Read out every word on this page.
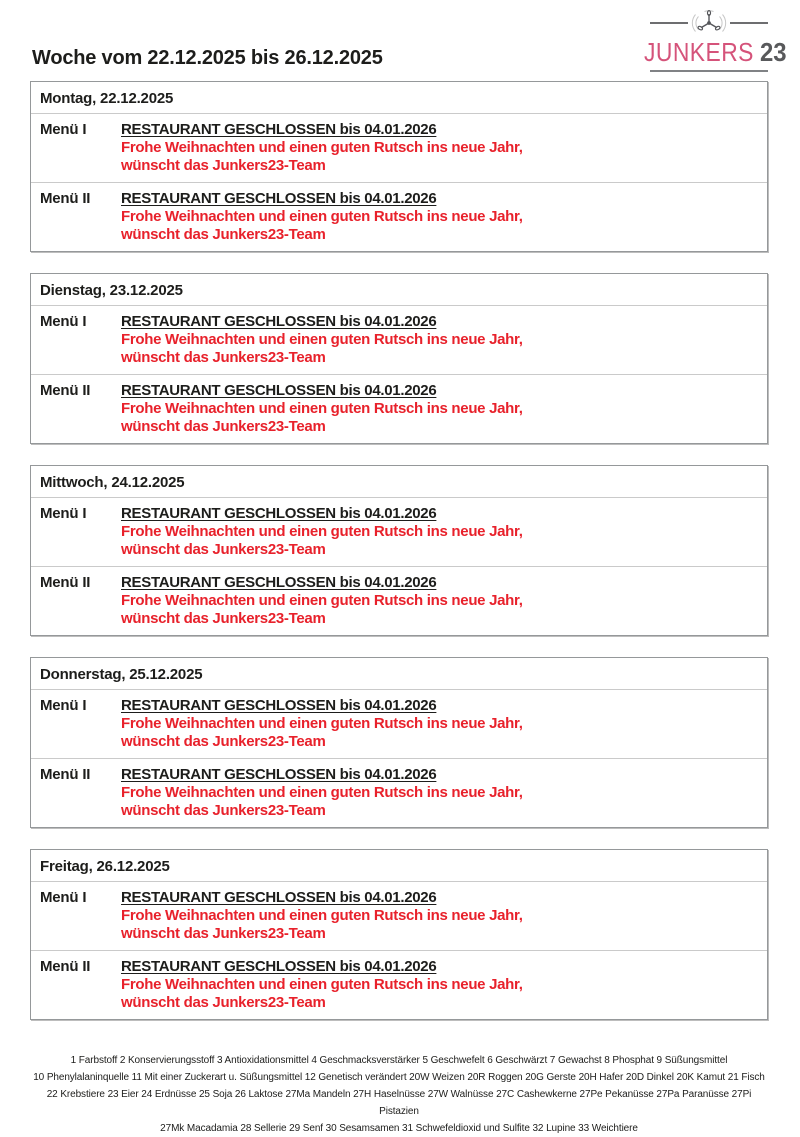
Woche vom 22.12.2025 bis 26.12.2025	JUNKERS 23
Montag, 22.12.2025
Menü I	RESTAURANT GESCHLOSSEN bis 04.01.2026
Frohe Weihnachten und einen guten Rutsch ins neue Jahr,
wünscht das Junkers23-Team
Menü II	RESTAURANT GESCHLOSSEN bis 04.01.2026
Frohe Weihnachten und einen guten Rutsch ins neue Jahr,
wünscht das Junkers23-Team
Dienstag, 23.12.2025
Menü I	RESTAURANT GESCHLOSSEN bis 04.01.2026
Frohe Weihnachten und einen guten Rutsch ins neue Jahr,
wünscht das Junkers23-Team
Menü II	RESTAURANT GESCHLOSSEN bis 04.01.2026
Frohe Weihnachten und einen guten Rutsch ins neue Jahr,
wünscht das Junkers23-Team
Mittwoch, 24.12.2025
Menü I	RESTAURANT GESCHLOSSEN bis 04.01.2026
Frohe Weihnachten und einen guten Rutsch ins neue Jahr,
wünscht das Junkers23-Team
Menü II	RESTAURANT GESCHLOSSEN bis 04.01.2026
Frohe Weihnachten und einen guten Rutsch ins neue Jahr,
wünscht das Junkers23-Team
Donnerstag, 25.12.2025
Menü I	RESTAURANT GESCHLOSSEN bis 04.01.2026
Frohe Weihnachten und einen guten Rutsch ins neue Jahr,
wünscht das Junkers23-Team
Menü II	RESTAURANT GESCHLOSSEN bis 04.01.2026
Frohe Weihnachten und einen guten Rutsch ins neue Jahr,
wünscht das Junkers23-Team
Freitag, 26.12.2025
Menü I	RESTAURANT GESCHLOSSEN bis 04.01.2026
Frohe Weihnachten und einen guten Rutsch ins neue Jahr,
wünscht das Junkers23-Team
Menü II	RESTAURANT GESCHLOSSEN bis 04.01.2026
Frohe Weihnachten und einen guten Rutsch ins neue Jahr,
wünscht das Junkers23-Team
1 Farbstoff 2 Konservierungsstoff 3 Antioxidationsmittel 4 Geschmacksverstärker 5 Geschwefelt 6 Geschwärzt 7 Gewachst 8 Phosphat 9 Süßungsmittel
10 Phenylalaninquelle 11 Mit einer Zuckerart u. Süßungsmittel 12 Genetisch verändert 20W Weizen 20R Roggen 20G Gerste 20H Hafer 20D Dinkel 20K Kamut 21 Fisch
22 Krebstiere 23 Eier 24 Erdnüsse 25 Soja 26 Laktose 27Ma Mandeln 27H Haselnüsse 27W Walnüsse 27C Cashewkerne 27Pe Pekanüsse 27Pa Paranüsse 27Pi Pistazien
27Mk Macadamia 28 Sellerie 29 Senf 30 Sesamsamen 31 Schwefeldioxid und Sulfite 32 Lupine 33 Weichtiere
